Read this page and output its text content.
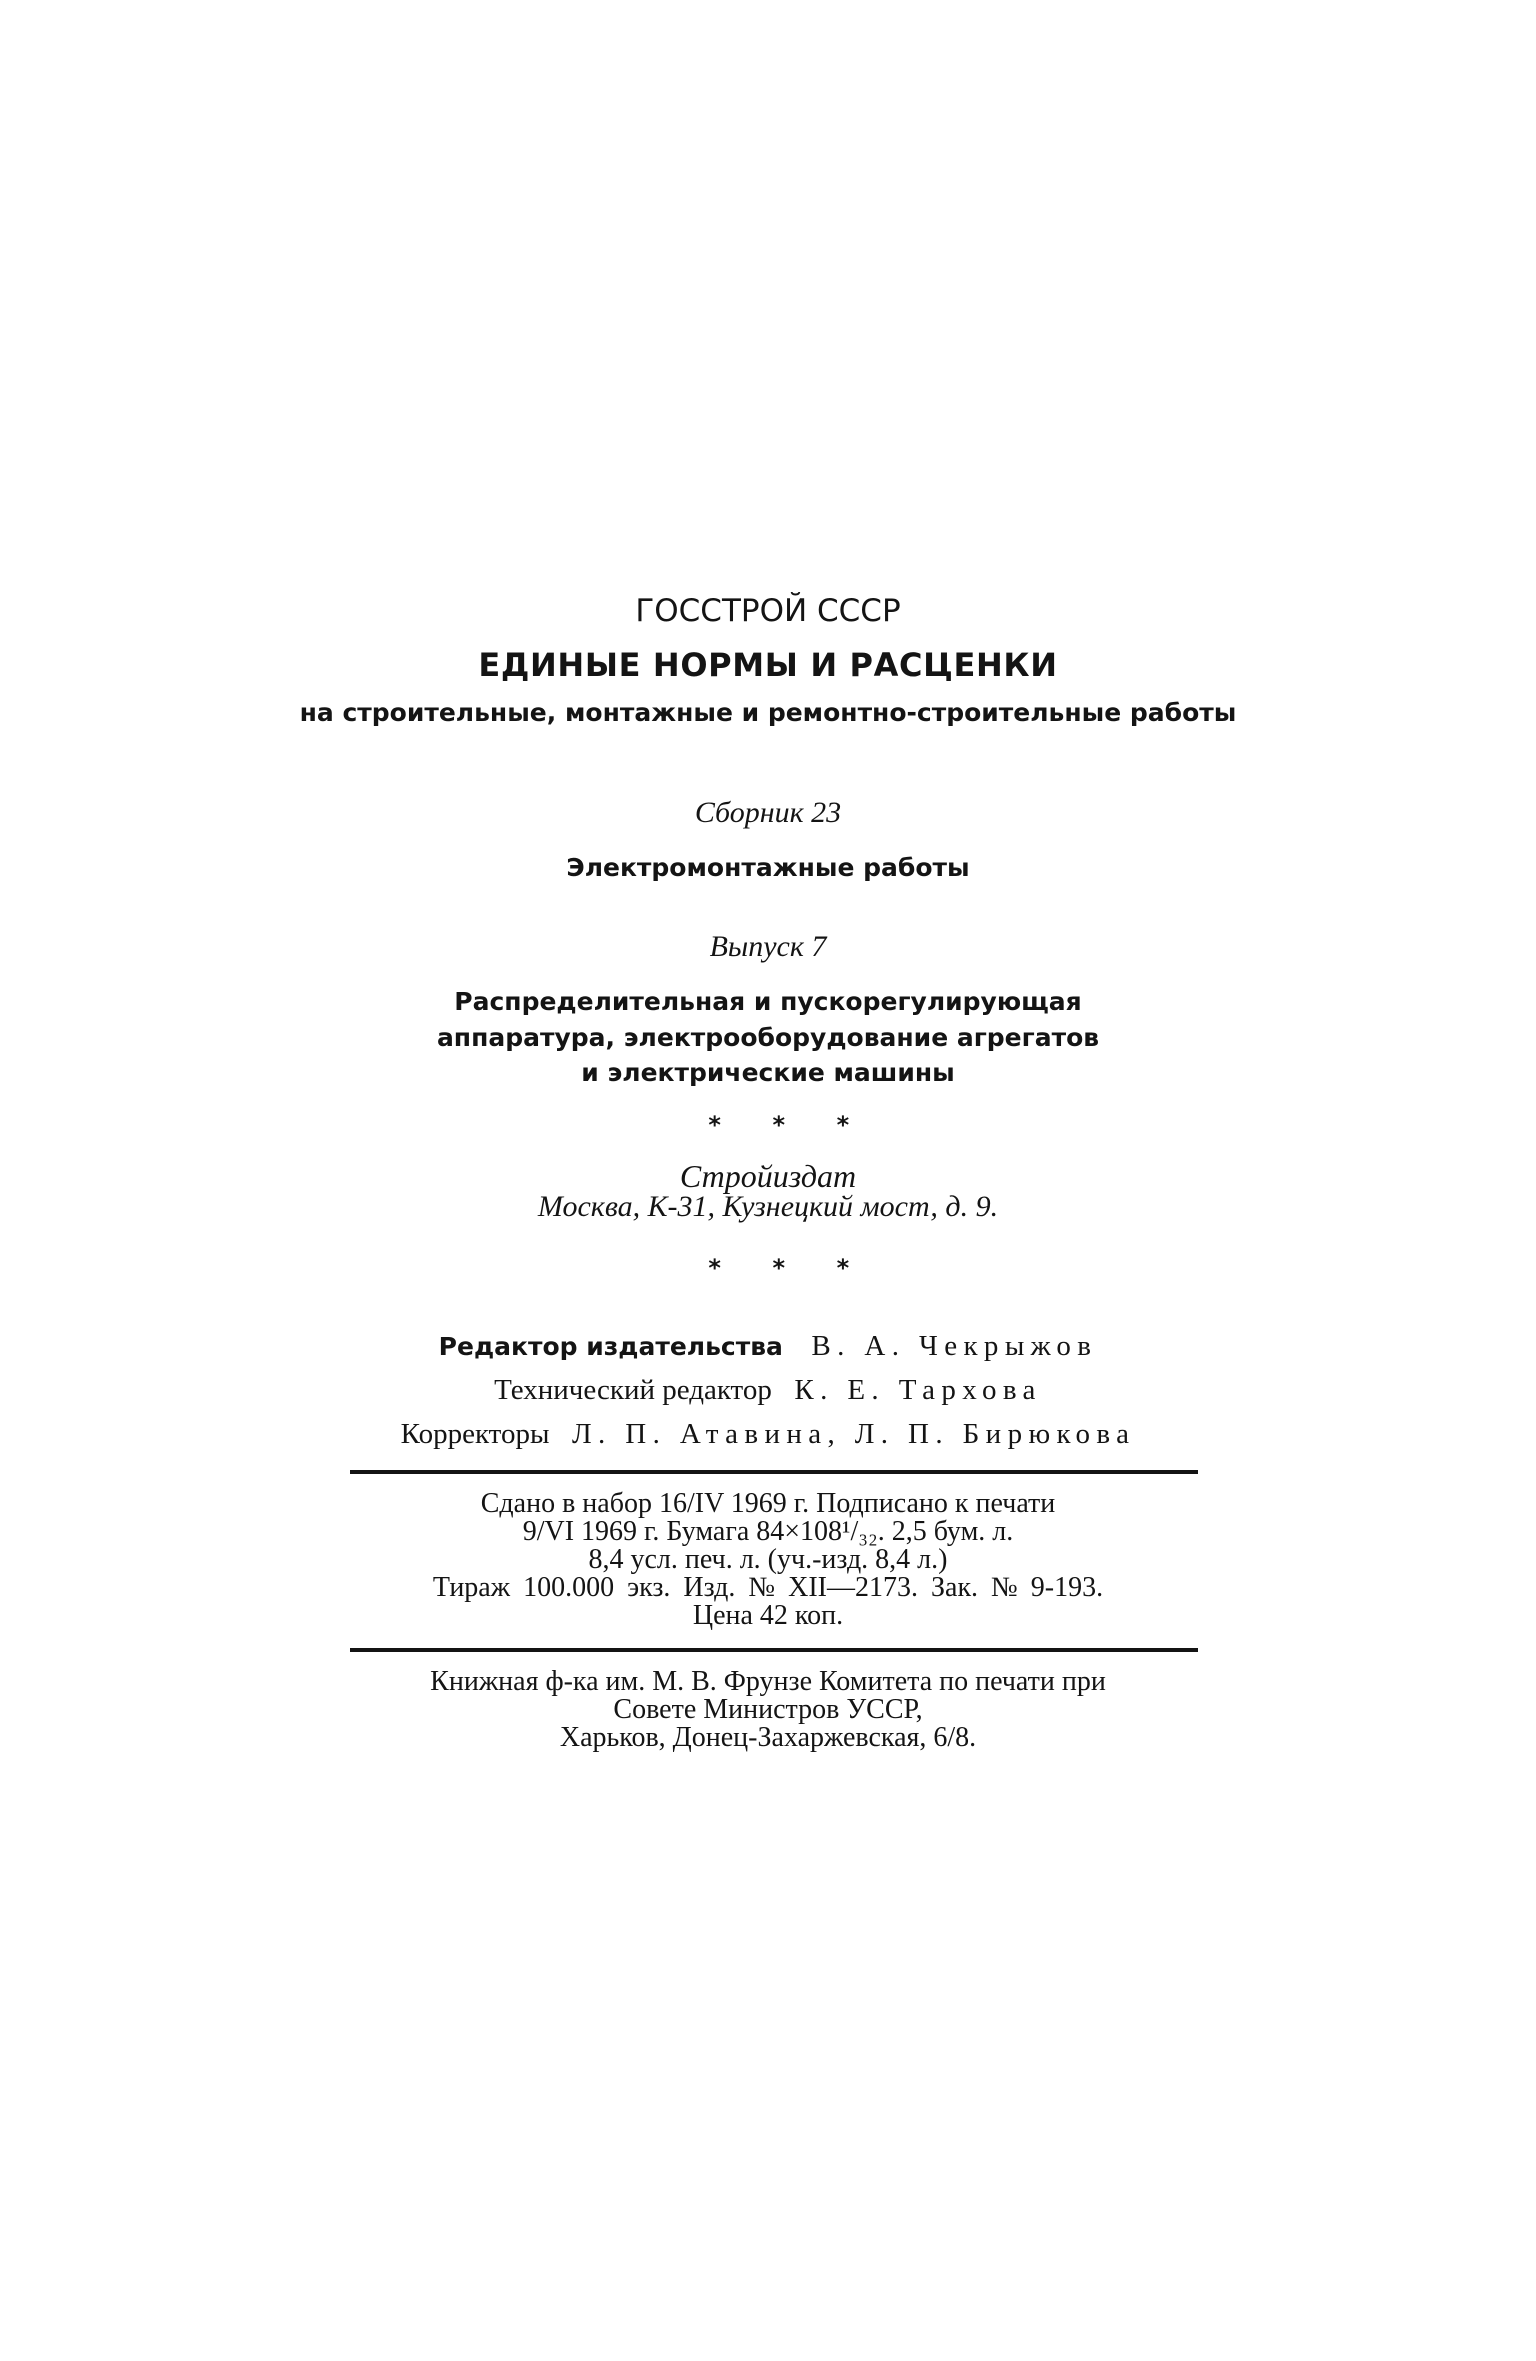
ГОССТРОЙ СССР
ЕДИНЫЕ НОРМЫ И РАСЦЕНКИ
на строительные, монтажные и ремонтно-строительные работы
Сборник 23
Электромонтажные работы
Выпуск 7
Распределительная и пускорегулирующая
аппаратура, электрооборудование агрегатов
и электрические машины
* * *
Стройиздат
Москва, К-31, Кузнецкий мост, д. 9.
* * *
Редактор издательства В. А. Чекрыжов
Технический редактор К. Е. Тархова
Корректоры Л. П. Атавина, Л. П. Бирюкова
Сдано в набор 16/IV 1969 г. Подписано к печати
9/VI 1969 г. Бумага 84×108¹/₃₂. 2,5 бум. л.
8,4 усл. печ. л. (уч.-изд. 8,4 л.)
Тираж 100.000 экз. Изд. № XII—2173. Зак. № 9-193.
Цена 42 коп.
Книжная ф-ка им. М. В. Фрунзе Комитета по печати при
Совете Министров УССР,
Харьков, Донец-Захаржевская, 6/8.
